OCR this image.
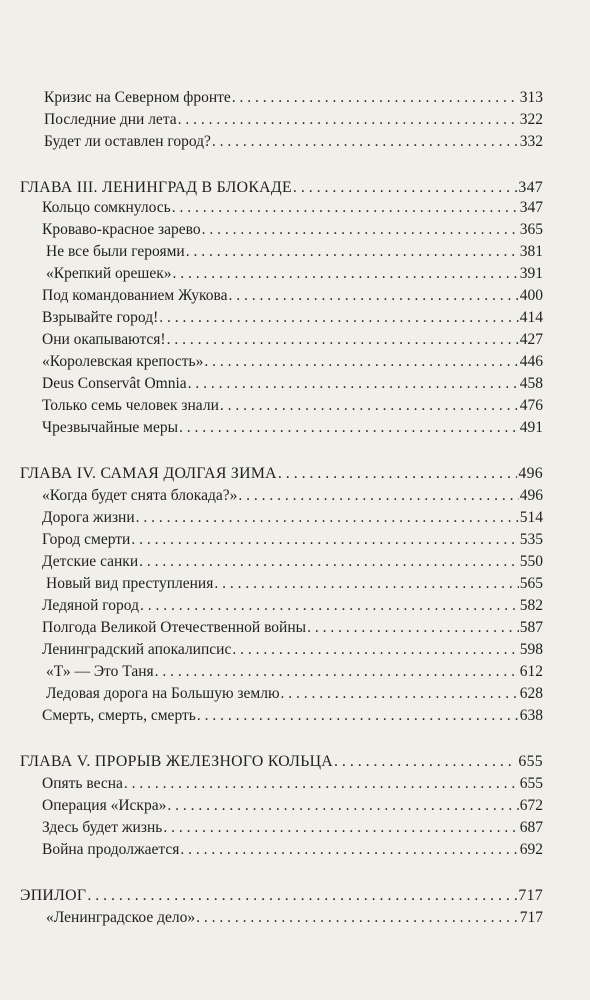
Кризис на Северном фронте . . .	313
Последние дни лета . . .	322
Будет ли оставлен город? . . .	332
ГЛАВА III. ЛЕНИНГРАД В БЛОКАДЕ . . .	347
Кольцо сомкнулось . . .	347
Кроваво-красное зарево . . .	365
Не все были героями . . .	381
«Крепкий орешек» . . .	391
Под командованием Жукова . . .	400
Взрывайте город! . . .	414
Они окапываются! . . .	427
«Королевская крепость» . . .	446
Deus Conservât Omnia . . .	458
Только семь человек знали . . .	476
Чрезвычайные меры . . .	491
ГЛАВА IV. САМАЯ ДОЛГАЯ ЗИМА . . .	496
«Когда будет снята блокада?» . . .	496
Дорога жизни . . .	514
Город смерти . . .	535
Детские санки . . .	550
Новый вид преступления . . .	565
Ледяной город . . .	582
Полгода Великой Отечественной войны . . .	587
Ленинградский апокалипсис . . .	598
«Т» — Это Таня . . .	612
Ледовая дорога на Большую землю . . .	628
Смерть, смерть, смерть . . .	638
ГЛАВА V. ПРОРЫВ ЖЕЛЕЗНОГО КОЛЬЦА . . .	655
Опять весна . . .	655
Операция «Искра» . . .	672
Здесь будет жизнь . . .	687
Война продолжается . . .	692
ЭПИЛОГ . . .	717
«Ленинградское дело» . . .	717
